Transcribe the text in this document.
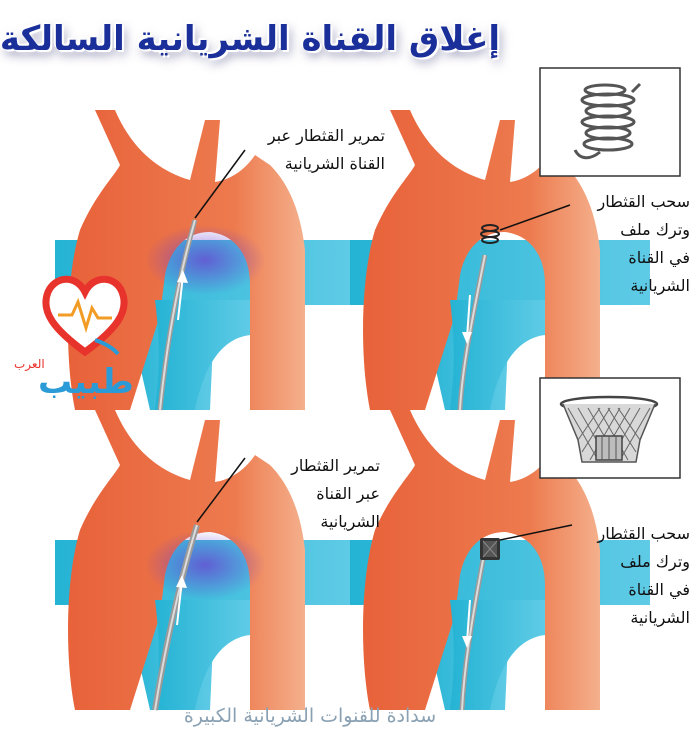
إغلاق القناة الشريانية السالكة
تمرير القثطار عبر
القناة الشريانية
سحب القثطار
وترك ملف
في القناة
الشريانية
تمرير القثطار
عبر القناة
الشريانية
سحب القثطار
وترك ملف
في القناة
الشريانية
طبيب
العرب
سدادة للقنوات الشريانية الكبيرة
